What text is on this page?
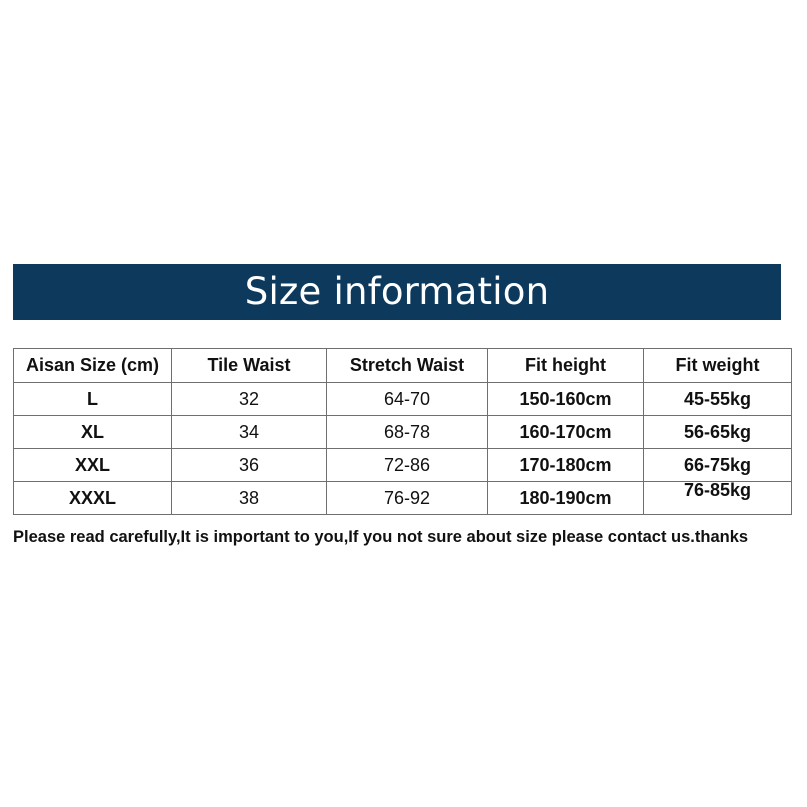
Size information
Aisan Size (cm)	Tile Waist	Stretch Waist	Fit height	Fit weight
L	32	64-70	150-160cm	45-55kg
XL	34	68-78	160-170cm	56-65kg
XXL	36	72-86	170-180cm	66-75kg
XXXL	38	76-92	180-190cm	76-85kg
Please read carefully,It is important to you,If you not sure about size please contact us.thanks
